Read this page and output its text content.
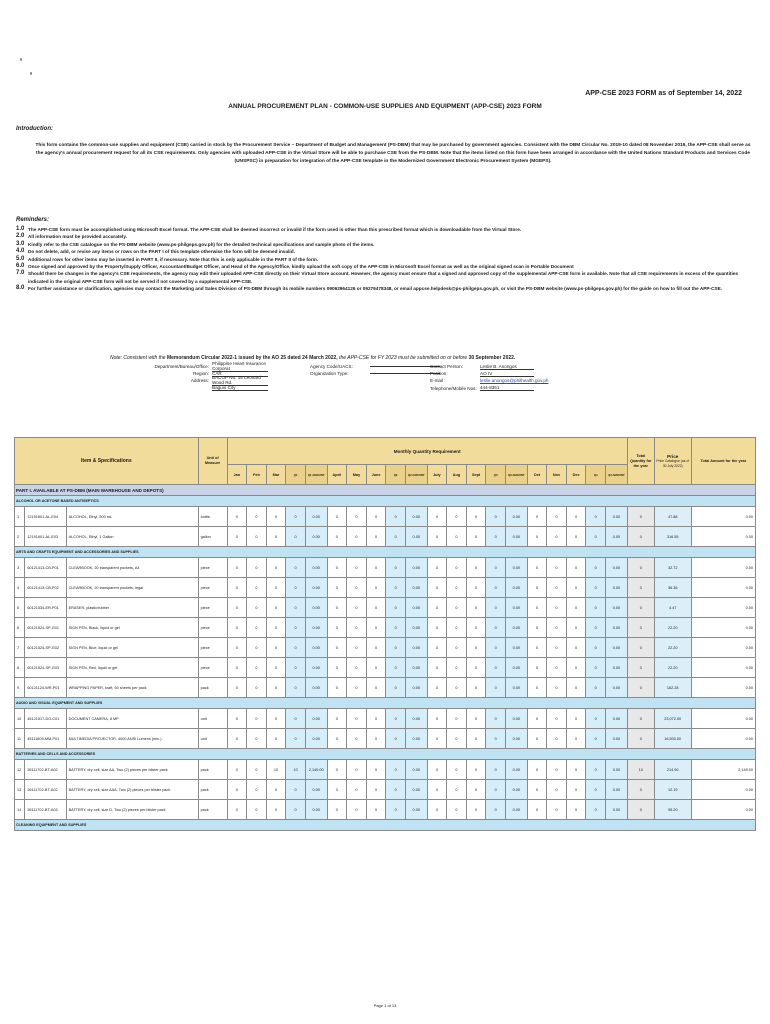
APP-CSE 2023 FORM as of September 14, 2022
ANNUAL PROCUREMENT PLAN - COMMON-USE SUPPLIES AND EQUIPMENT (APP-CSE) 2023 FORM
Introduction:
This form contains the common-use supplies and equipment (CSE) carried in stock by the Procurement Service – Department of Budget and Management (PS-DBM) that may be purchased by government agencies. Consistent with the DBM Circular No. 2019-10 dated 08 November 2019, the APP-CSE shall serve as the agency's annual procurement request for all its CSE requirements. Only agencies with uploaded APP-CSE in the Virtual Store will be able to purchase CSE from the PS-DBM. Note that the items listed on this form have been arranged in accordance with the United Nations Standard Products and Services Code (UNSPSC) in preparation for integration of the APP-CSE template in the Modernized Government Electronic Procurement System (MGEPS).
Reminders:
1.0 The APP-CSE form must be accomplished using Microsoft Excel format. The APP-CSE shall be deemed incorrect or invalid if the form used is other than this prescribed format which is downloadable from the Virtual Store.
2.0 All information must be provided accurately.
3.0 Kindly refer to the CSE catalogue on the PS-DBM website (www.ps-philgeps.gov.ph) for the detailed technical specifications and sample photo of the items.
4.0 Do not delete, add, or revise any items or rows on the PART I of this template otherwise the form will be deemed invalid.
5.0 Additional rows for other items may be inserted in PART II, if necessary. Note that this is only applicable in the PART II of the form.
6.0 Once signed and approved by the Property/Supply Officer, Accountant/Budget Officer, and Head of the Agency/Office, kindly upload the soft copy of the APP-CSE in Microsoft Excel format as well as the original signed scan in Portable Document
7.0 Should there be changes in the agency's CSE requirements, the agency may edit their uploaded APP-CSE directly on their Virtual Store account. However, the agency must ensure that a signed and approved copy of the supplemental APP-CSE form is available. Note that all CSE requirements in excess of the quantities indicated in the original APP-CSE form will not be served if not covered by a supplemental APP-CSE.
8.0 For further assistance or clarification, agencies may contact the Marketing and Sales Division of PS-DBM through its mobile numbers 09062964126 or 09279478348, or email appcse.helpdesk@ps-philgeps.gov.ph, or visit the PS-DBM website (www.ps-philgeps.gov.ph) for the guide on how to fill out the APP-CSE.
Note: Consistent with the Memorandum Circular 2022-1 issued by the AO 25 dated 24 March 2022, the APP-CSE for FY 2023 must be submitted on or before 30 September 2022.
Department/Bureau/Office:
Philippine Heart Insurance Corporat
Region: CAR
Address:
BACOP No. 15 Leonard Wood Rd.
Baguio City
Agency Code/UACS:
Organization Type:
Contact Person:	Leslie B. Anongos
Position:	AO IV
E-mail :	leslie.anongos@philhealth.gov.ph
Telephone/Mobile Nos: 444-8361
Item & Specifications			Unit of Measure	Monthly Quantity Requirement																				Total Quantity for the year	Price
Price Catalogue (as of 30 July 2022)	Total Amount for the year
				Jan	Feb	Mar	Q1	Q1 AMOUNT	April	May	June	Q2	Q2 AMOUNT	July	Aug	Sept	Q3	Q3 AMOUNT	Oct	Nov	Dec	Q4	Q4 AMOUNT			
PART I. AVAILABLE AT PS-DBM (MAIN WAREHOUSE AND DEPOTS)																										
ALCOHOL OR ACETONE BASED ANTISEPTICS																										
1	12191601-AL-E04	ALCOHOL, Ethyl, 500 mL	bottle	0	0	0	0	0.00	0	0	0	0	0.00	0	0	0	0	0.00	0	0	0	0	0.00	0	47.88	0.00
2	12191601-AL-E03	ALCOHOL, Ethyl, 1 Gallon	gallon	0	0	0	0	0.00	0	0	0	0	0.00	0	0	0	0	0.00	0	0	0	0	0.00	0	316.55	0.00
ARTS AND CRAFTS EQUIPMENT AND ACCESSORIES AND SUPPLIES																										
3	60121413-CB-P01	CLEARBOOK, 20 transparent pockets, A4	piece	0	0	0	0	0.00	0	0	0	0	0.00	0	0	0	0	0.00	0	0	0	0	0.00	0	32.72	0.00
4	60121413-CB-P02	CLEARBOOK, 20 transparent pockets, legal	piece	0	0	0	0	0.00	0	0	0	0	0.00	0	0	0	0	0.00	0	0	0	0	0.00	0	36.36	0.00
5	60121534-ER-P01	ERASER, plastic/rubber	piece	0	0	0	0	0.00	0	0	0	0	0.00	0	0	0	0	0.00	0	0	0	0	0.00	0	4.47	0.00
6	60121524-SP-G01	SIGN PEN, Black, liquid or gel	piece	0	0	0	0	0.00	0	0	0	0	0.00	0	0	0	0	0.00	0	0	0	0	0.00	0	22.20	0.00
7	60121524-SP-G02	SIGN PEN, Blue, liquid or gel	piece	0	0	0	0	0.00	0	0	0	0	0.00	0	0	0	0	0.00	0	0	0	0	0.00	0	22.20	0.00
8	60121524-SP-G03	SIGN PEN, Red, liquid or gel	piece	0	0	0	0	0.00	0	0	0	0	0.00	0	0	0	0	0.00	0	0	0	0	0.00	0	22.20	0.00
9	60121124-WR-P01	WRAPPING PAPER, kraft, 50 sheets per pack	pack	0	0	0	0	0.00	0	0	0	0	0.00	0	0	0	0	0.00	0	0	0	0	0.00	0	162.28	0.00
AUDIO AND VISUAL EQUIPMENT AND SUPPLIES																										
10	45121517-DO-C01	DOCUMENT CAMERA, 8 MP	unit	0	0	0	0	0.00	0	0	0	0	0.00	0	0	0	0	0.00	0	0	0	0	0.00	0	23,072.00	0.00
11	45111609-MM-P01	MULTIMEDIA PROJECTOR, 4000 ANSI Lumens (min.)	unit	0	0	0	0	0.00	0	0	0	0	0.00	0	0	0	0	0.00	0	0	0	0	0.00	0	16,500.00	0.00
BATTERIES AND CELLS AND ACCESSORIES																										
12	26111702-BT-A02	BATTERY, dry cell, size AA, Two (2) pieces per blister pack	pack	0	0	10	10	2,149.00	0	0	0	0	0.00	0	0	0	0	0.00	0	0	0	0	0.00	10	214.90	2,149.00
13	26111702-BT-A02	BATTERY, dry cell, size AAA, Two (2) pieces per blister pack	pack	0	0	0	0	0.00	0	0	0	0	0.00	0	0	0	0	0.00	0	0	0	0	0.00	0	12.19	0.00
14	26111702-BT-A03	BATTERY, dry cell, size D, Two (2) pieces per blister pack	pack	0	0	0	0	0.00	0	0	0	0	0.00	0	0	0	0	0.00	0	0	0	0	0.00	0	95.20	0.00
CLEANING EQUIPMENT AND SUPPLIES																										
Page 1 of 13
